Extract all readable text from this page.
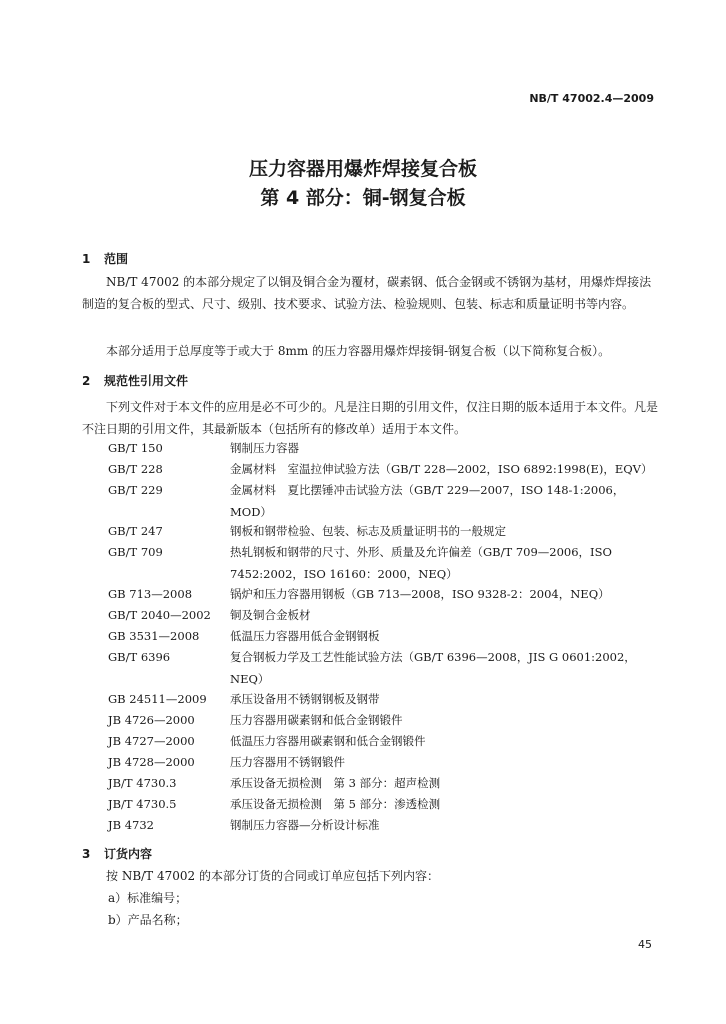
NB/T 47002.4—2009
压力容器用爆炸焊接复合板
第 4 部分：铜-钢复合板
1 范围
NB/T 47002 的本部分规定了以铜及铜合金为覆材，碳素钢、低合金钢或不锈钢为基材，用爆炸焊接法制造的复合板的型式、尺寸、级别、技术要求、试验方法、检验规则、包装、标志和质量证明书等内容。
本部分适用于总厚度等于或大于 8mm 的压力容器用爆炸焊接铜-钢复合板（以下简称复合板）。
2 规范性引用文件
下列文件对于本文件的应用是必不可少的。凡是注日期的引用文件，仅注日期的版本适用于本文件。凡是不注日期的引用文件，其最新版本（包括所有的修改单）适用于本文件。
GB/T 150	钢制压力容器
GB/T 228	金属材料　室温拉伸试验方法（GB/T 228—2002，ISO 6892:1998(E)，EQV）
GB/T 229	金属材料　夏比摆锤冲击试验方法（GB/T 229—2007，ISO 148-1:2006，MOD）
GB/T 247	钢板和钢带检验、包装、标志及质量证明书的一般规定
GB/T 709	热轧钢板和钢带的尺寸、外形、质量及允许偏差（GB/T 709—2006，ISO 7452:2002，ISO 16160：2000，NEQ）
GB 713—2008	锅炉和压力容器用钢板（GB 713—2008，ISO 9328-2：2004，NEQ）
GB/T 2040—2002	铜及铜合金板材
GB 3531—2008	低温压力容器用低合金钢钢板
GB/T 6396	复合钢板力学及工艺性能试验方法（GB/T 6396—2008，JIS G 0601:2002，NEQ）
GB 24511—2009	承压设备用不锈钢钢板及钢带
JB 4726—2000	压力容器用碳素钢和低合金钢锻件
JB 4727—2000	低温压力容器用碳素钢和低合金钢锻件
JB 4728—2000	压力容器用不锈钢锻件
JB/T 4730.3	承压设备无损检测　第 3 部分：超声检测
JB/T 4730.5	承压设备无损检测　第 5 部分：渗透检测
JB 4732	钢制压力容器—分析设计标准
3 订货内容
按 NB/T 47002 的本部分订货的合同或订单应包括下列内容：
a）标准编号；
b）产品名称；
45
